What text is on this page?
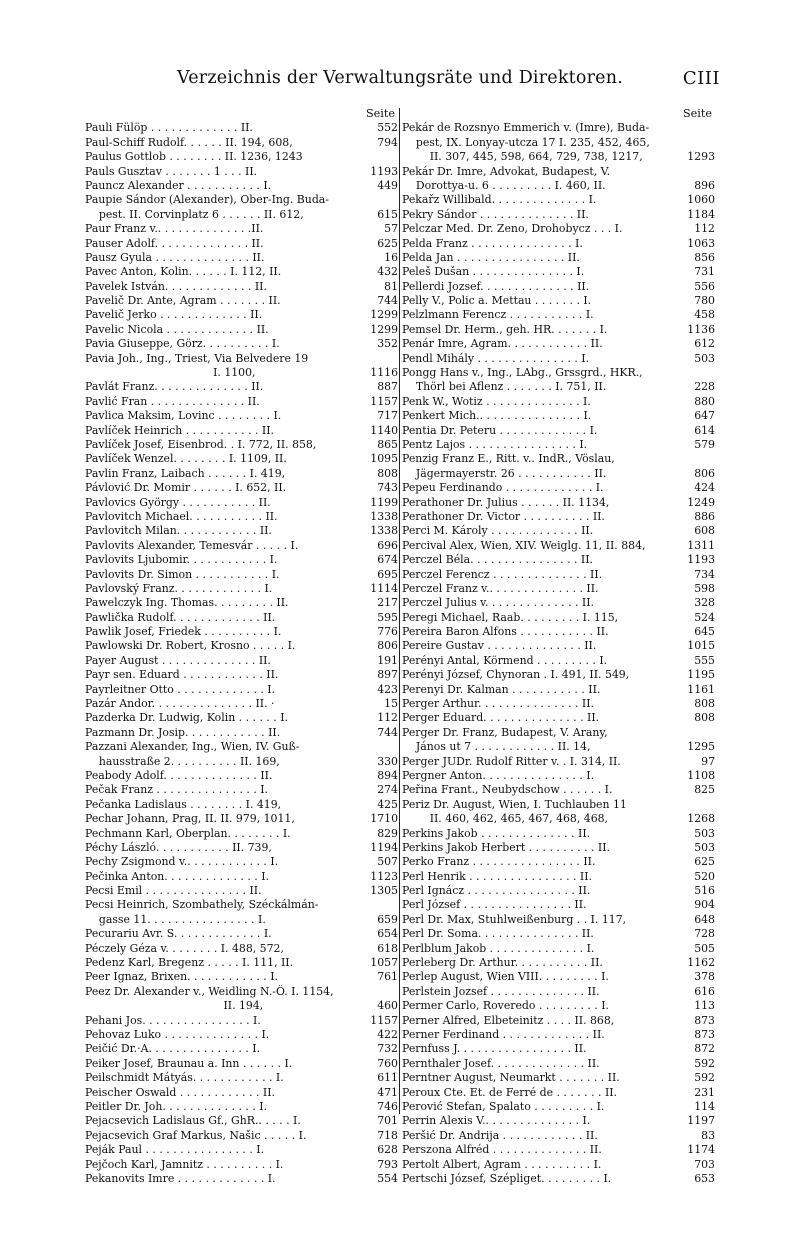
Verzeichnis der Verwaltungsräte und Direktoren.	CIII
Seite
Pauli Fülöp . . . . . . . . . . . . . II.	552
Paul-Schiff Rudolf. . . . . . II. 194, 608,	794
Paulus Gottlob . . . . . . . . II. 1236, 1243
Pauls Gusztav . . . . . . . 1 . . . II.	1193
Pauncz Alexander . . . . . . . . . . . I.	449
Paupie Sándor (Alexander), Ober-Ing. Buda-
pest. II. Corvinplatz 6 . . . . . . II. 612,	615
Paur Franz v.. . . . . . . . . . . . . .II.	57
Pauser Adolf. . . . . . . . . . . . . . II.	625
Pausz Gyula . . . . . . . . . . . . . . II.	16
Pavec Anton, Kolin. . . . . . I. 112, II.	432
Pavelek István. . . . . . . . . . . . . II.	81
Pavelič Dr. Ante, Agram . . . . . . . II.	744
Pavelič Jerko . . . . . . . . . . . . . II.	1299
Pavelic Nicola . . . . . . . . . . . . . II.	1299
Pavia Giuseppe, Görz. . . . . . . . . . I.	352
Pavia Joh., Ing., Triest, Via Belvedere 19
I. 1100,	1116
Pavlát Franz. . . . . . . . . . . . . . II.	887
Pavlić Fran . . . . . . . . . . . . . . II.	1157
Pavlica Maksim, Lovinc . . . . . . . . I.	717
Pavlíček Heinrich . . . . . . . . . . . II.	1140
Pavlíček Josef, Eisenbrod. . I. 772, II. 858,	865
Pavlíček Wenzel. . . . . . . . I. 1109, II.	1095
Pavlin Franz, Laibach . . . . . . I. 419,	808
Pávlović Dr. Momir . . . . . . I. 652, II.	743
Pavlovics György . . . . . . . . . . . II.	1199
Pavlovitch Michael. . . . . . . . . . . II.	1338
Pavlovitch Milan. . . . . . . . . . . . II.	1338
Pavlovits Alexander, Temesvár . . . . . I.	696
Pavlovits Ljubomir. . . . . . . . . . . . I.	674
Pavlovits Dr. Simon . . . . . . . . . . . I.	695
Pavlovský Franz. . . . . . . . . . . . . I.	1114
Pawelczyk Ing. Thomas. . . . . . . . . II.	217
Pawlička Rudolf. . . . . . . . . . . . . II.	595
Pawlik Josef, Friedek . . . . . . . . . . I.	776
Pawlowski Dr. Robert, Krosno . . . . . I.	806
Payer August . . . . . . . . . . . . . . II.	191
Payr sen. Eduard . . . . . . . . . . . . II.	897
Payrleitner Otto . . . . . . . . . . . . . I.	423
Pazár Andor. . . . . . . . . . . . . . . II. ·	15
Pazderka Dr. Ludwig, Kolin . . . . . . I.	112
Pazmann Dr. Josip. . . . . . . . . . . . II.	744
Pazzani Alexander, Ing., Wien, IV. Guß-
hausstraße 2. . . . . . . . . . II. 169,	330
Peabody Adolf. . . . . . . . . . . . . . II.	894
Pečak Franz . . . . . . . . . . . . . . . I.	274
Pečanka Ladislaus . . . . . . . . I. 419,	425
Pechar Johann, Prag, II. II. 979, 1011,	1710
Pechmann Karl, Oberplan. . . . . . . . I.	829
Péchy László. . . . . . . . . . . II. 739,	1194
Pechy Zsigmond v.. . . . . . . . . . . . I.	507
Pečinka Anton. . . . . . . . . . . . . . I.	1123
Pecsi Emil . . . . . . . . . . . . . . . II.	1305
Pecsi Heinrich, Szombathely, Széckálmán-
gasse 11. . . . . . . . . . . . . . . . I.	659
Pecurariu Avr. S. . . . . . . . . . . . . I.	654
Péczely Géza v. . . . . . . . I. 488, 572,	618
Pedenz Karl, Bregenz . . . . . I. 111, II.	1057
Peer Ignaz, Brixen. . . . . . . . . . . . I.	761
Peez Dr. Alexander v., Weidling N.-Ö. I. 1154,
II. 194,	460
Pehani Jos. . . . . . . . . . . . . . . . I.	1157
Pehovaz Luko . . . . . . . . . . . . . . I.	422
Peičić Dr.·A. . . . . . . . . . . . . . . I.	732
Peiker Josef, Braunau a. Inn . . . . . . I.	760
Peilschmidt Mátyás. . . . . . . . . . . . I.	611
Peischer Oswald . . . . . . . . . . . . II.	471
Peitler Dr. Joh. . . . . . . . . . . . . . I.	746
Pejacsevich Ladislaus Gf., GhR.. . . . . I.	701
Pejacsevich Graf Markus, Našic . . . . . I.	718
Peják Paul . . . . . . . . . . . . . . . . I.	628
Pejčoch Karl, Jamnitz . . . . . . . . . . I.	793
Pekanovits Imre . . . . . . . . . . . . . I.	554
Seite
Pekár de Rozsnyo Emmerich v. (Imre), Buda-
pest, IX. Lonyay-utcza 17 I. 235, 452, 465,
II. 307, 445, 598, 664, 729, 738, 1217,	1293
Pekár Dr. Imre, Advokat, Budapest, V.
Dorottya-u. 6 . . . . . . . . . I. 460, II.	896
Pekařz Willibald. . . . . . . . . . . . . . I.	1060
Pekry Sándor . . . . . . . . . . . . . . II.	1184
Pelczar Med. Dr. Zeno, Drohobycz . . . I.	112
Pelda Franz . . . . . . . . . . . . . . . I.	1063
Pelda Jan . . . . . . . . . . . . . . . . II.	856
Peleš Dušan . . . . . . . . . . . . . . . I.	731
Pellerdi Jozsef. . . . . . . . . . . . . . II.	556
Pelly V., Polic a. Mettau . . . . . . . I.	780
Pelzlmann Ferencz . . . . . . . . . . . I.	458
Pemsel Dr. Herm., geh. HR. . . . . . . I.	1136
Penár Imre, Agram. . . . . . . . . . . . II.	612
Pendl Mihály . . . . . . . . . . . . . . . I.	503
Pongg Hans v., Ing., LAbg., Grssgrd., HKR.,
Thörl bei Aflenz . . . . . . . I. 751, II.	228
Penk W., Wotiz . . . . . . . . . . . . . . I.	880
Penkert Mich.. . . . . . . . . . . . . . . I.	647
Pentia Dr. Peteru . . . . . . . . . . . . . I.	614
Pentz Lajos . . . . . . . . . . . . . . . . I.	579
Penzig Franz E., Ritt. v.. IndR., Vöslau,
Jägermayerstr. 26 . . . . . . . . . . . II.	806
Pepeu Ferdinando . . . . . . . . . . . . . I.	424
Perathoner Dr. Julius . . . . . . II. 1134,	1249
Perathoner Dr. Victor . . . . . . . . . . II.	886
Perci M. Károly . . . . . . . . . . . . . II.	608
Percival Alex, Wien, XIV. Weiglg. 11, II. 884,	1311
Perczel Béla. . . . . . . . . . . . . . . . II.	1193
Perczel Ferencz . . . . . . . . . . . . . . II.	734
Perczel Franz v.. . . . . . . . . . . . . . II.	598
Perczel Julius v. . . . . . . . . . . . . . II.	328
Peregi Michael, Raab. . . . . . . . . I. 115,	524
Pereira Baron Alfons . . . . . . . . . . . II.	645
Pereire Gustav . . . . . . . . . . . . . . II.	1015
Perényi Antal, Körmend . . . . . . . . . I.	555
Perényi József, Chynoran . I. 491, II. 549,	1195
Perenyi Dr. Kalman . . . . . . . . . . . II.	1161
Perger Arthur. . . . . . . . . . . . . . . II.	808
Perger Eduard. . . . . . . . . . . . . . . II.	808
Perger Dr. Franz, Budapest, V. Arany,
János ut 7 . . . . . . . . . . . . II. 14,	1295
Perger JUDr. Rudolf Ritter v. . I. 314, II.	97
Pergner Anton. . . . . . . . . . . . . . . I.	1108
Peřina Frant., Neubydschow . . . . . . I.	825
Periz Dr. August, Wien, I. Tuchlauben 11
II. 460, 462, 465, 467, 468, 468,	1268
Perkins Jakob . . . . . . . . . . . . . . II.	503
Perkins Jakob Herbert . . . . . . . . . . II.	503
Perko Franz . . . . . . . . . . . . . . . . II.	625
Perl Henrik . . . . . . . . . . . . . . . . II.	520
Perl Ignácz . . . . . . . . . . . . . . . . II.	516
Perl József . . . . . . . . . . . . . . . . II.	904
Perl Dr. Max, Stuhlweißenburg . . I. 117,	648
Perl Dr. Soma. . . . . . . . . . . . . . . II.	728
Perlblum Jakob . . . . . . . . . . . . . . I.	505
Perleberg Dr. Arthur. . . . . . . . . . . II.	1162
Perlep August, Wien VIII. . . . . . . . . I.	378
Perlstein Jozsef . . . . . . . . . . . . . . II.	616
Permer Carlo, Roveredo . . . . . . . . . I.	113
Perner Alfred, Elbeteinitz . . . . II. 868,	873
Perner Ferdinand . . . . . . . . . . . . . II.	873
Pernfuss J. . . . . . . . . . . . . . . . . II.	872
Pernthaler Josef. . . . . . . . . . . . . . II.	592
Perntner August, Neumarkt . . . . . . . II.	592
Peroux Cte. Et. de Ferré de . . . . . . . II.	231
Perović Stefan, Spalato . . . . . . . . . I.	114
Perrin Alexis V.. . . . . . . . . . . . . . I.	1197
Peršić Dr. Andrija . . . . . . . . . . . . II.	83
Perszona Alfréd . . . . . . . . . . . . . . II.	1174
Pertolt Albert, Agram . . . . . . . . . . I.	703
Pertschi József, Szépliget. . . . . . . . . I.	653
